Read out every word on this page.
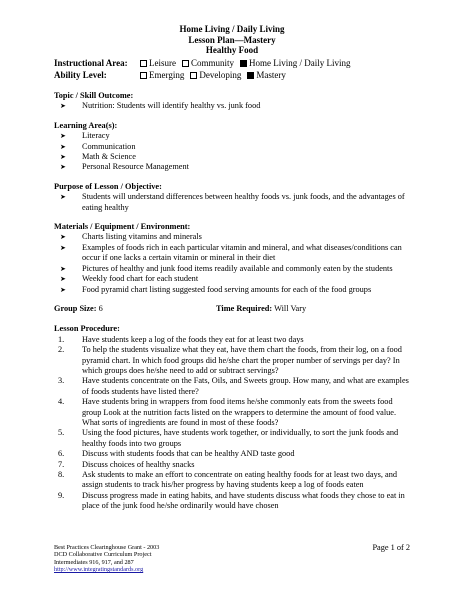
Home Living / Daily Living
Lesson Plan—Mastery
Healthy Food
Instructional Area:	Leisure Community Home Living / Daily Living
Ability Level:	Emerging Developing Mastery
Topic / Skill Outcome:
➤ Nutrition: Students will identify healthy vs. junk food
Learning Area(s):
➤ Literacy
➤ Communication
➤ Math & Science
➤ Personal Resource Management
Purpose of Lesson / Objective:
➤ Students will understand differences between healthy foods vs. junk foods, and the advantages of eating healthy
Materials / Equipment / Environment:
➤ Charts listing vitamins and minerals
➤ Examples of foods rich in each particular vitamin and mineral, and what diseases/conditions can occur if one lacks a certain vitamin or mineral in their diet
➤ Pictures of healthy and junk food items readily available and commonly eaten by the students
➤ Weekly food chart for each student
➤ Food pyramid chart listing suggested food serving amounts for each of the food groups
Group Size: 6	Time Required: Will Vary
Lesson Procedure:
1.	Have students keep a log of the foods they eat for at least two days
2.	To help the students visualize what they eat, have them chart the foods, from their log, on a food pyramid chart. In which food groups did he/she chart the proper number of servings per day? In which groups does he/she need to add or subtract servings?
3.	Have students concentrate on the Fats, Oils, and Sweets group. How many, and what are examples of foods students have listed there?
4.	Have students bring in wrappers from food items he/she commonly eats from the sweets food group Look at the nutrition facts listed on the wrappers to determine the amount of food value. What sorts of ingredients are found in most of these foods?
5.	Using the food pictures, have students work together, or individually, to sort the junk foods and healthy foods into two groups
6.	Discuss with students foods that can be healthy AND taste good
7.	Discuss choices of healthy snacks
8.	Ask students to make an effort to concentrate on eating healthy foods for at least two days, and assign students to track his/her progress by having students keep a log of foods eaten
9.	Discuss progress made in eating habits, and have students discuss what foods they chose to eat in place of the junk food he/she ordinarily would have chosen
Best Practices Clearinghouse Grant - 2003
DCD Collaborative Curriculum Project
Intermediates 916, 917, and 287
http://www.integratingstandards.org
Page 1 of 2
